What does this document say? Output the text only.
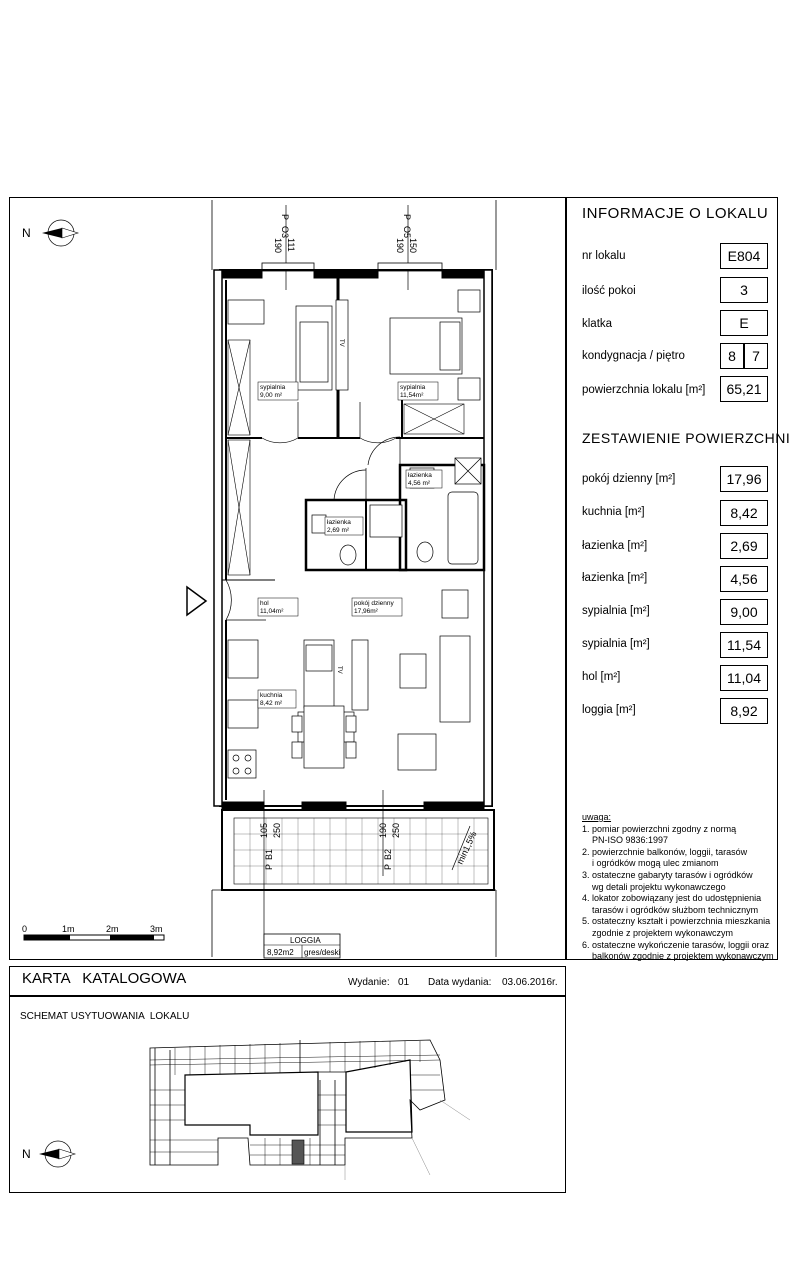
INFORMACJE O LOKALU
nr lokalu	E804
ilość pokoi	3
klatka	E
kondygnacja / piętro	8	7
powierzchnia lokalu [m²]	65,21
ZESTAWIENIE POWIERZCHNI
pokój dzienny [m²]	17,96
kuchnia [m²]	8,42
łazienka [m²]	2,69
łazienka [m²]	4,56
sypialnia [m²]	9,00
sypialnia [m²]	11,54
hol [m²]	11,04
loggia [m²]	8,92
uwaga:
1. pomiar powierzchni zgodny z normą
PN-ISO 9836:1997
2. powierzchnie balkonów, loggii, tarasów
i ogródków mogą ulec zmianom
3. ostateczne gabaryty tarasów i ogródków
wg detali projektu wykonawczego
4. lokator zobowiązany jest do udostępnienia
tarasów i ogródków służbom technicznym
5. ostateczny kształt i powierzchnia mieszkania
zgodnie z projektem wykonawczym
6. ostateczne wykończenie tarasów, loggii oraz
balkonów zgodnie z projektem wykonawczym
N
0	1m	2m	3m
P
O3
190 111
P
O5
190 150
P
B1
105 250
P
B2
190 250	min1,5%
sypialnia
9,00 m²
sypialnia
11,54m²
łazienka
4,56 m²
łazienka
2,69 m²
hol
11,04m²
pokój dzienny
17,96m²
kuchnia
8,42 m²
TV
TV
LOGGIA
8,92m2 gres/deski
KARTA   KATALOGOWA	Wydanie: 01 Data wydania: 03.06.2016r.
SCHEMAT USYTUOWANIA  LOKALU
N
